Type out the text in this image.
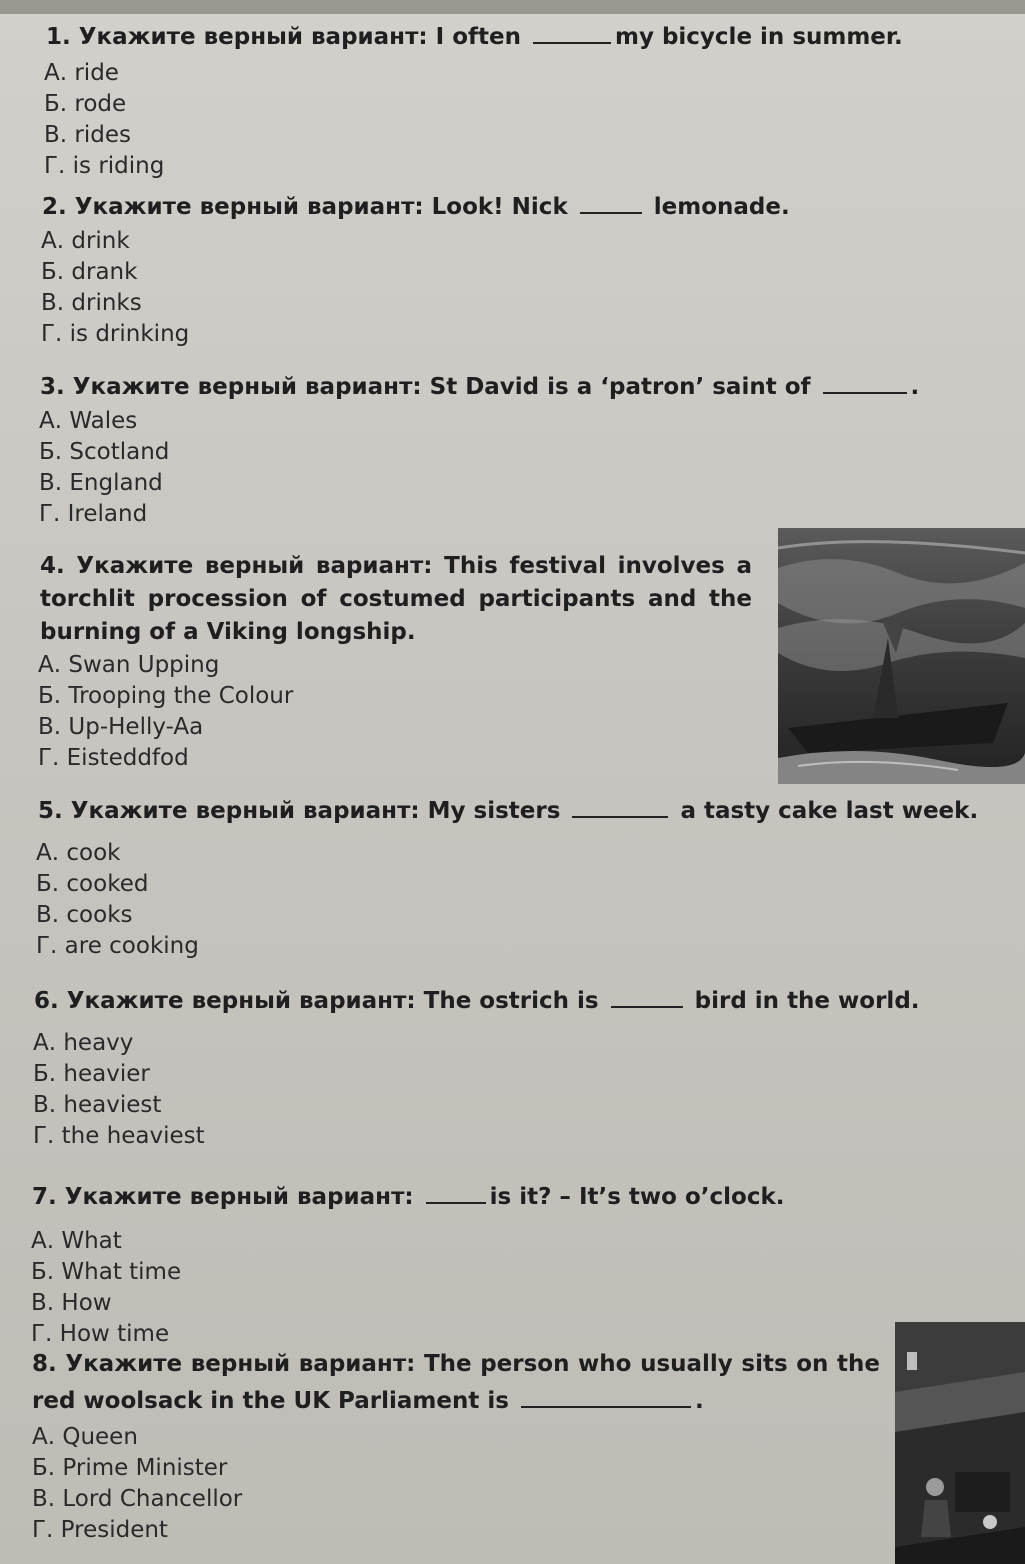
1. Укажите верный вариант: I often	my bicycle in summer.
А. ride
Б. rode
В. rides
Г. is riding
2. Укажите верный вариант: Look! Nick	lemonade.
А. drink
Б. drank
В. drinks
Г. is drinking
3. Укажите верный вариант: St David is a ‘patron’ saint of	.
А. Wales
Б. Scotland
В. England
Г. Ireland
4. Укажите верный вариант: This festival involves a torchlit procession of costumed participants and the burning of a Viking longship.
А. Swan Upping
Б. Trooping the Colour
В. Up-Helly-Aa
Г. Eisteddfod
5. Укажите верный вариант: My sisters	a tasty cake last week.
А. cook
Б. cooked
В. cooks
Г. are cooking
6. Укажите верный вариант: The ostrich is	bird in the world.
А. heavy
Б. heavier
В. heaviest
Г. the heaviest
7. Укажите верный вариант:	is it? – It’s two o’clock.
А. What
Б. What time
В. How
Г. How time
8. Укажите верный вариант: The person who usually sits on the red woolsack in the UK Parliament is	.
А. Queen
Б. Prime Minister
В. Lord Chancellor
Г. President
